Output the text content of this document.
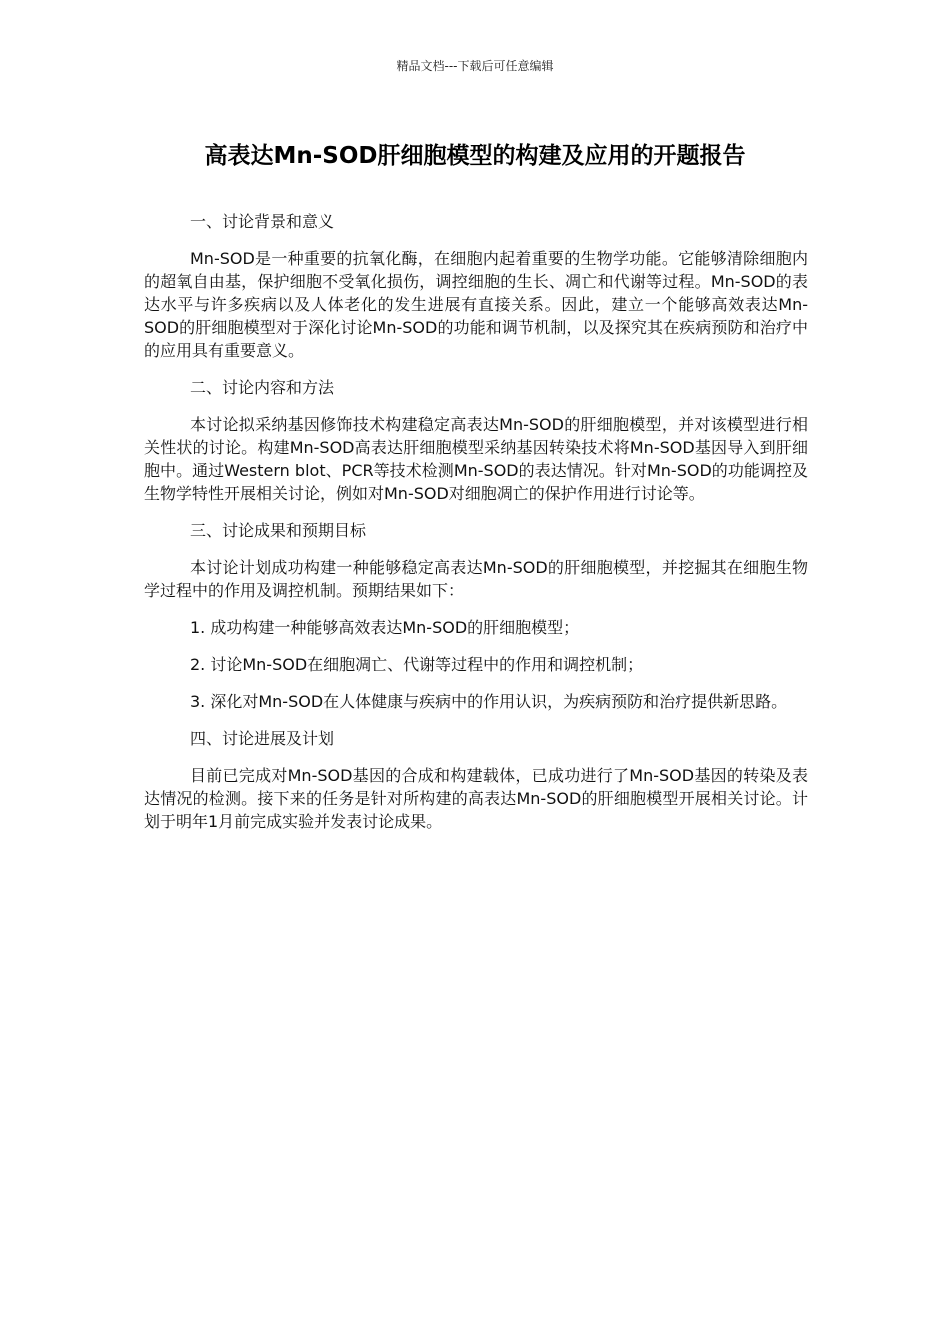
精品文档---下载后可任意编辑
高表达Mn-SOD肝细胞模型的构建及应用的开题报告

一、讨论背景和意义

Mn-SOD是一种重要的抗氧化酶，在细胞内起着重要的生物学功能。它能够清除细胞内的超氧自由基，保护细胞不受氧化损伤，调控细胞的生长、凋亡和代谢等过程。Mn-SOD的表达水平与许多疾病以及人体老化的发生进展有直接关系。因此，建立一个能够高效表达Mn-SOD的肝细胞模型对于深化讨论Mn-SOD的功能和调节机制，以及探究其在疾病预防和治疗中的应用具有重要意义。

二、讨论内容和方法

本讨论拟采纳基因修饰技术构建稳定高表达Mn-SOD的肝细胞模型，并对该模型进行相关性状的讨论。构建Mn-SOD高表达肝细胞模型采纳基因转染技术将Mn-SOD基因导入到肝细胞中。通过Western blot、PCR等技术检测Mn-SOD的表达情况。针对Mn-SOD的功能调控及生物学特性开展相关讨论，例如对Mn-SOD对细胞凋亡的保护作用进行讨论等。

三、讨论成果和预期目标

本讨论计划成功构建一种能够稳定高表达Mn-SOD的肝细胞模型，并挖掘其在细胞生物学过程中的作用及调控机制。预期结果如下：

1. 成功构建一种能够高效表达Mn-SOD的肝细胞模型；

2. 讨论Mn-SOD在细胞凋亡、代谢等过程中的作用和调控机制；

3. 深化对Mn-SOD在人体健康与疾病中的作用认识，为疾病预防和治疗提供新思路。

四、讨论进展及计划

目前已完成对Mn-SOD基因的合成和构建载体，已成功进行了Mn-SOD基因的转染及表达情况的检测。接下来的任务是针对所构建的高表达Mn-SOD的肝细胞模型开展相关讨论。计划于明年1月前完成实验并发表讨论成果。
